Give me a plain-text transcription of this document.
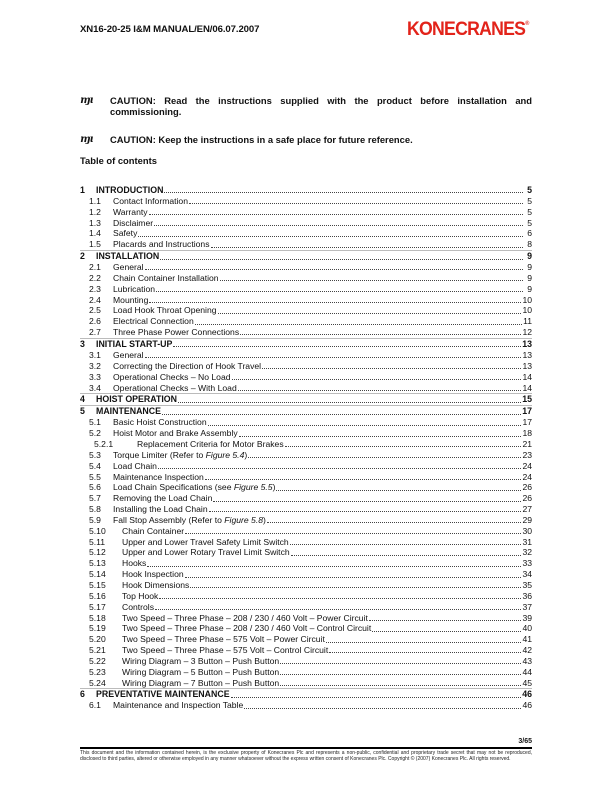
XN16-20-25 I&M MANUAL/EN/06.07.2007	KONECRANES®
ɱɩ	CAUTION: Read the instructions supplied with the product before installation and commissioning.
ɱɩ	CAUTION: Keep the instructions in a safe place for future reference.
Table of contents
1	INTRODUCTION	5
1.1	Contact Information	5
1.2	Warranty	5
1.3	Disclaimer	5
1.4	Safety	6
1.5	Placards and Instructions	8
2	INSTALLATION	9
2.1	General	9
2.2	Chain Container Installation	9
2.3	Lubrication	9
2.4	Mounting	10
2.5	Load Hook Throat Opening	10
2.6	Electrical Connection	11
2.7	Three Phase Power Connections	12
3	INITIAL START-UP	13
3.1	General	13
3.2	Correcting the Direction of Hook Travel	13
3.3	Operational Checks – No Load	14
3.4	Operational Checks – With Load	14
4	HOIST OPERATION	15
5	MAINTENANCE	17
5.1	Basic Hoist Construction	17
5.2	Hoist Motor and Brake Assembly	18
5.2.1	Replacement Criteria for Motor Brakes	21
5.3	Torque Limiter (Refer to Figure 5.4)	23
5.4	Load Chain	24
5.5	Maintenance Inspection	24
5.6	Load Chain Specifications (see Figure 5.5)	26
5.7	Removing the Load Chain	26
5.8	Installing the Load Chain	27
5.9	Fall Stop Assembly (Refer to Figure 5.8)	29
5.10	Chain Container	30
5.11	Upper and Lower Travel Safety Limit Switch	31
5.12	Upper and Lower Rotary Travel Limit Switch	32
5.13	Hooks	33
5.14	Hook Inspection	34
5.15	Hook Dimensions	35
5.16	Top Hook	36
5.17	Controls	37
5.18	Two Speed – Three Phase – 208 / 230 / 460 Volt – Power Circuit	39
5.19	Two Speed – Three Phase – 208 / 230 / 460 Volt – Control Circuit	40
5.20	Two Speed – Three Phase – 575 Volt – Power Circuit	41
5.21	Two Speed – Three Phase – 575 Volt – Control Circuit	42
5.22	Wiring Diagram – 3 Button – Push Button	43
5.23	Wiring Diagram – 5 Button – Push Button	44
5.24	Wiring Diagram – 7 Button – Push Button	45
6	PREVENTATIVE MAINTENANCE	46
6.1	Maintenance and Inspection Table	46
3/65
This document and the information contained herein, is the exclusive property of Konecranes Plc and represents a non-public, confidential and proprietary trade secret that may not be reproduced, disclosed to third parties, altered or otherwise employed in any manner whatsoever without the express written consent of Konecranes Plc. Copyright © (2007) Konecranes Plc. All rights reserved.
